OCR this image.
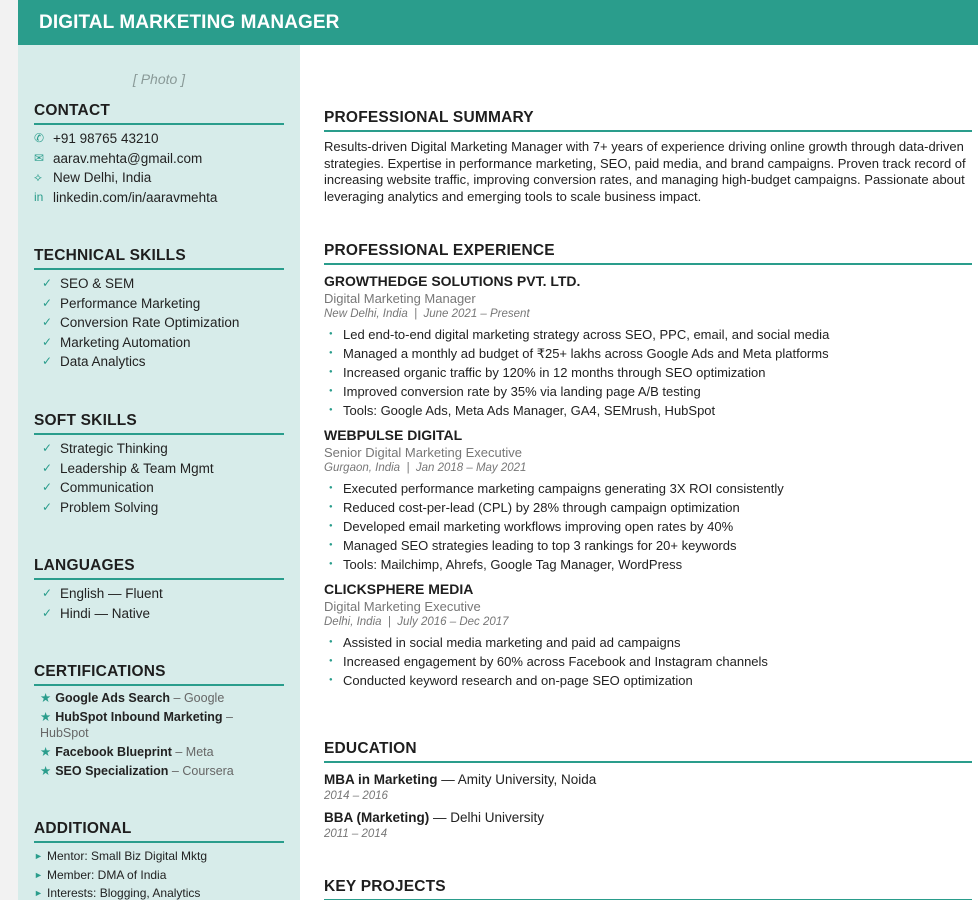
DIGITAL MARKETING MANAGER
[ Photo ]
CONTACT
✆ +91 98765 43210
✉ aarav.mehta@gmail.com
⟡ New Delhi, India
in linkedin.com/in/aaravmehta
TECHNICAL SKILLS
✓ SEO & SEM
✓ Performance Marketing
✓ Conversion Rate Optimization
✓ Marketing Automation
✓ Data Analytics
SOFT SKILLS
✓ Strategic Thinking
✓ Leadership & Team Mgmt
✓ Communication
✓ Problem Solving
LANGUAGES
✓ English — Fluent
✓ Hindi — Native
CERTIFICATIONS
★ Google Ads Search – Google
★ HubSpot Inbound Marketing – HubSpot
★ Facebook Blueprint – Meta
★ SEO Specialization – Coursera
ADDITIONAL
► Mentor: Small Biz Digital Mktg
► Member: DMA of India
► Interests: Blogging, Analytics
PROFESSIONAL SUMMARY
Results-driven Digital Marketing Manager with 7+ years of experience driving online growth through data-driven strategies. Expertise in performance marketing, SEO, paid media, and brand campaigns. Proven track record of increasing website traffic, improving conversion rates, and managing high-budget campaigns. Passionate about leveraging analytics and emerging tools to scale business impact.
PROFESSIONAL EXPERIENCE
GROWTHEDGE SOLUTIONS PVT. LTD.
Digital Marketing Manager
New Delhi, India  |  June 2021 – Present
● Led end-to-end digital marketing strategy across SEO, PPC, email, and social media
● Managed a monthly ad budget of ₹25+ lakhs across Google Ads and Meta platforms
● Increased organic traffic by 120% in 12 months through SEO optimization
● Improved conversion rate by 35% via landing page A/B testing
● Tools: Google Ads, Meta Ads Manager, GA4, SEMrush, HubSpot
WEBPULSE DIGITAL
Senior Digital Marketing Executive
Gurgaon, India  |  Jan 2018 – May 2021
● Executed performance marketing campaigns generating 3X ROI consistently
● Reduced cost-per-lead (CPL) by 28% through campaign optimization
● Developed email marketing workflows improving open rates by 40%
● Managed SEO strategies leading to top 3 rankings for 20+ keywords
● Tools: Mailchimp, Ahrefs, Google Tag Manager, WordPress
CLICKSPHERE MEDIA
Digital Marketing Executive
Delhi, India  |  July 2016 – Dec 2017
● Assisted in social media marketing and paid ad campaigns
● Increased engagement by 60% across Facebook and Instagram channels
● Conducted keyword research and on-page SEO optimization
EDUCATION
MBA in Marketing — Amity University, Noida
2014 – 2016
BBA (Marketing) — Delhi University
2011 – 2014
KEY PROJECTS
